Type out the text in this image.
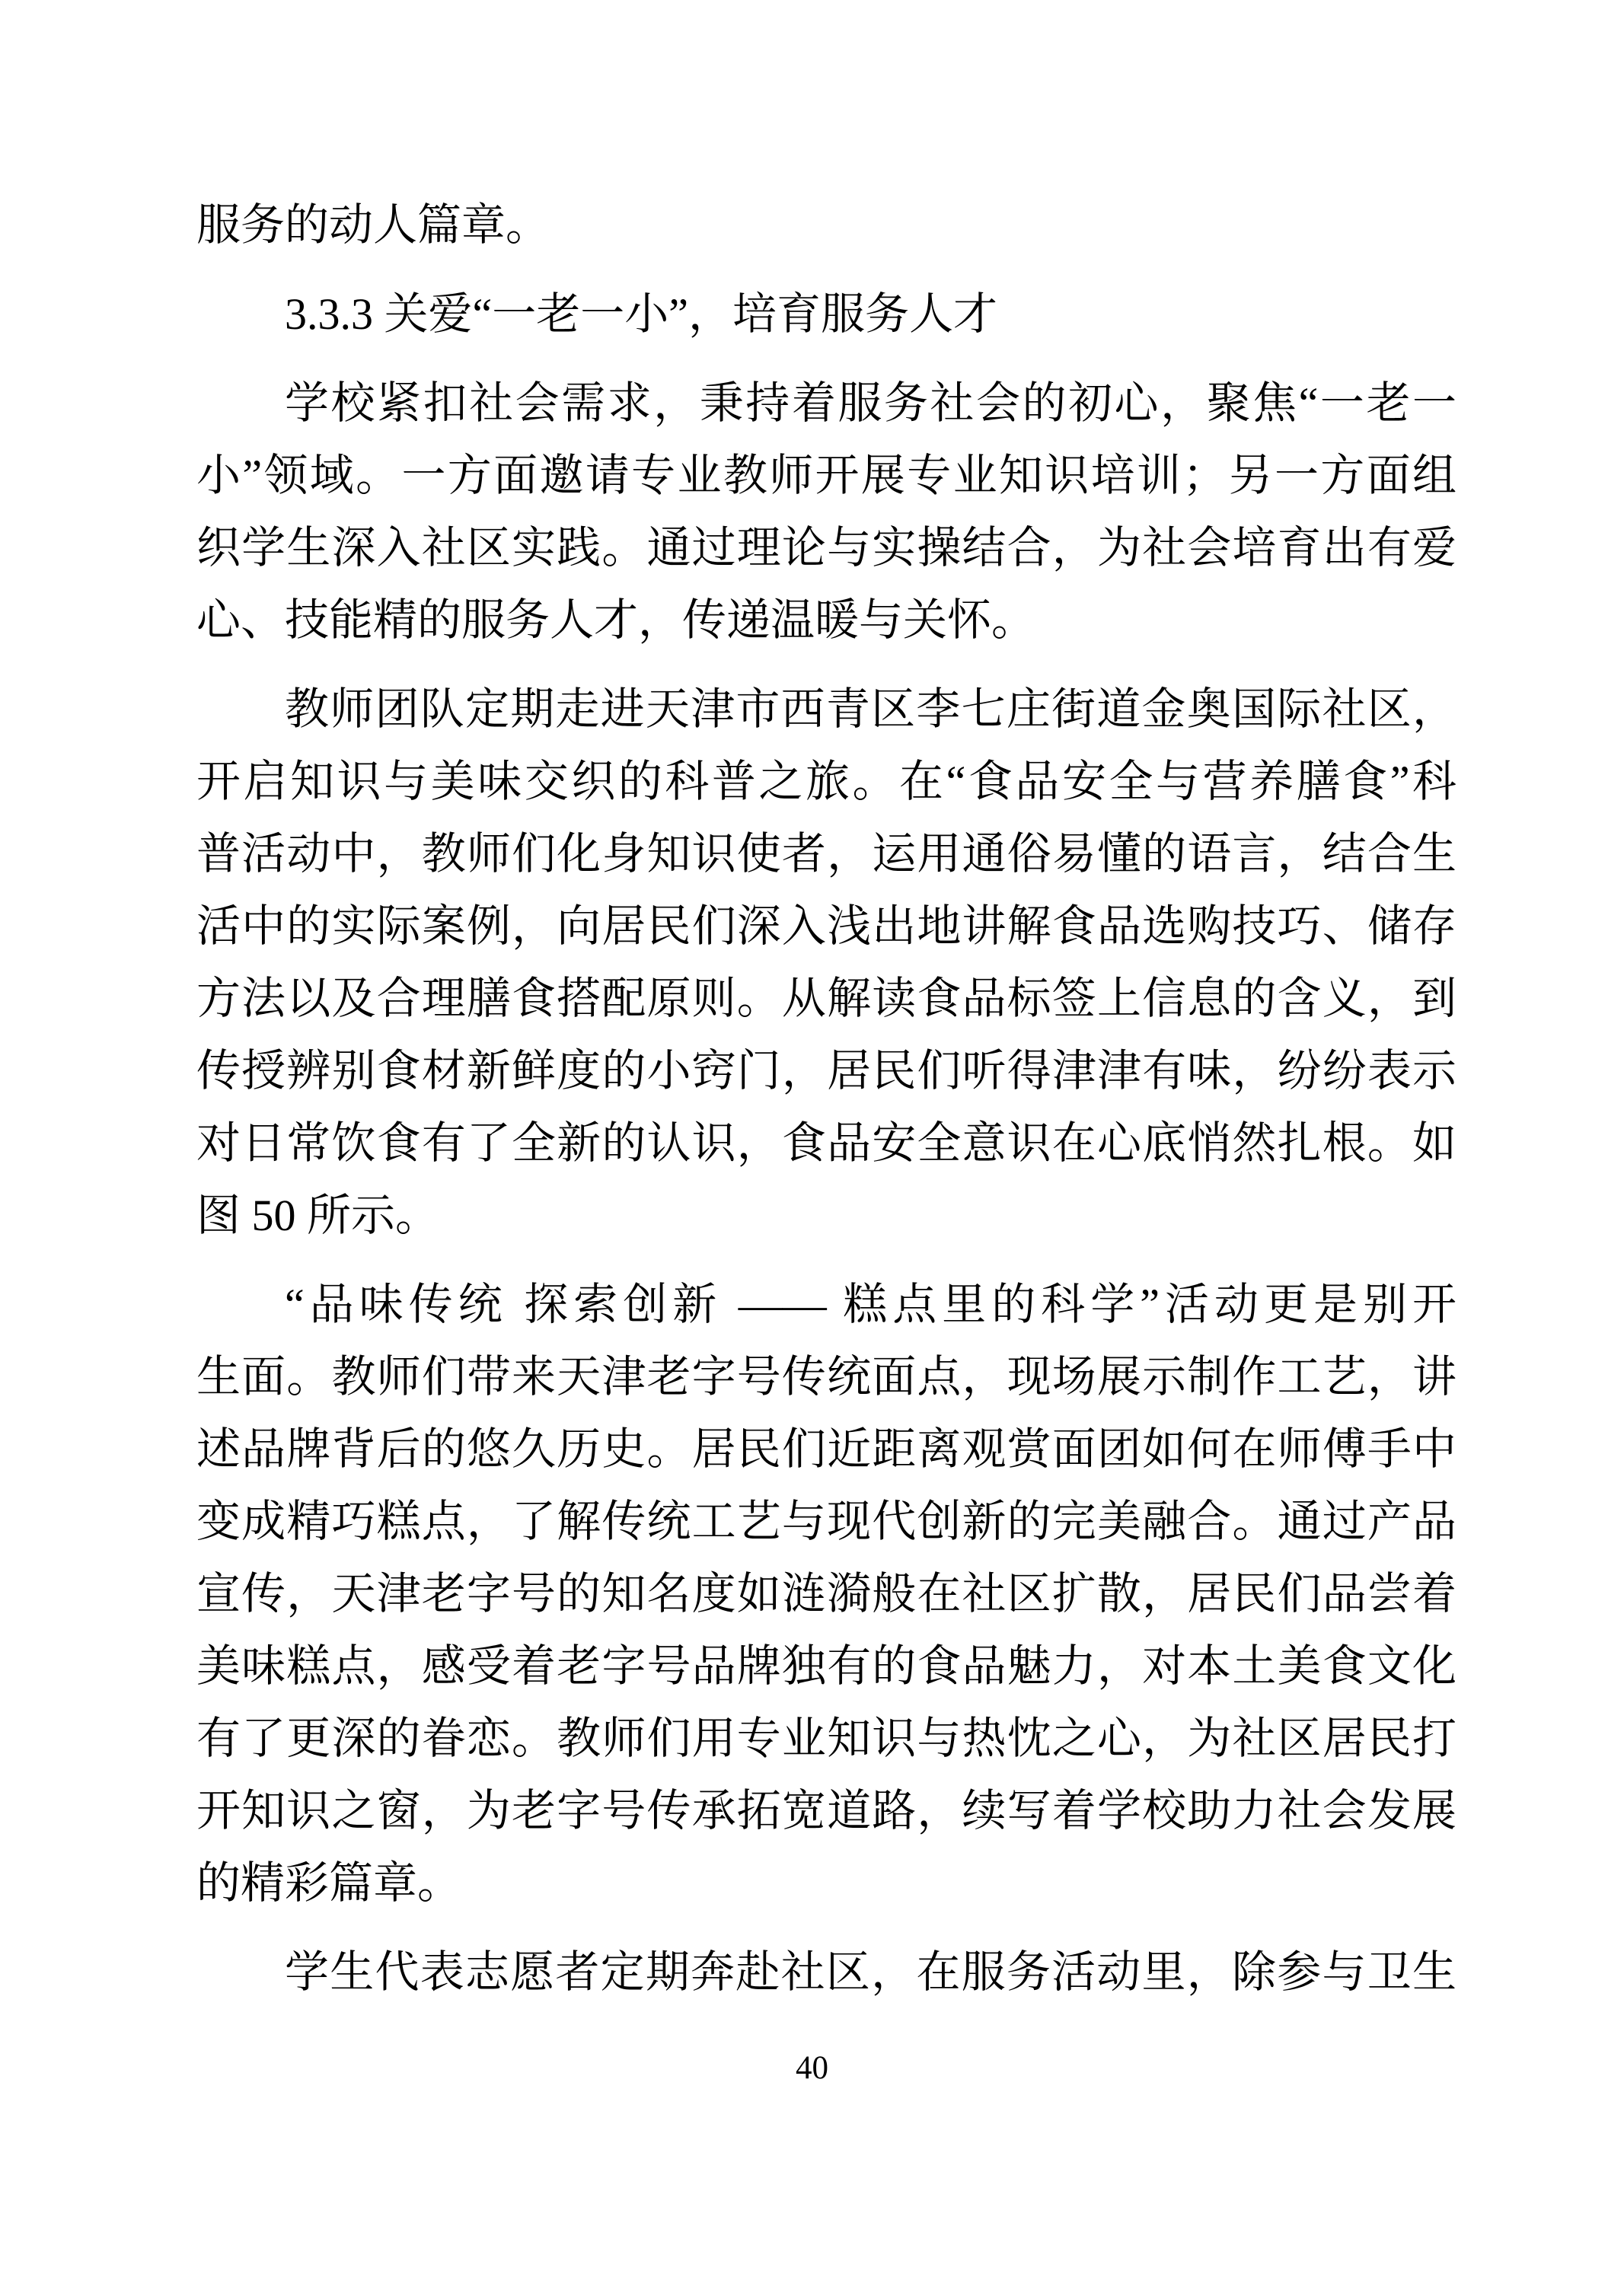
服务的动人篇章。
3.3.3 关爱“一老一小”，培育服务人才
学校紧扣社会需求，秉持着服务社会的初心，聚焦“一老一
小”领域。一方面邀请专业教师开展专业知识培训；另一方面组
织学生深入社区实践。通过理论与实操结合，为社会培育出有爱
心、技能精的服务人才，传递温暖与关怀。
教师团队定期走进天津市西青区李七庄街道金奥国际社区，
开启知识与美味交织的科普之旅。在“食品安全与营养膳食”科
普活动中，教师们化身知识使者，运用通俗易懂的语言，结合生
活中的实际案例，向居民们深入浅出地讲解食品选购技巧、储存
方法以及合理膳食搭配原则。从解读食品标签上信息的含义，到
传授辨别食材新鲜度的小窍门，居民们听得津津有味，纷纷表示
对日常饮食有了全新的认识，食品安全意识在心底悄然扎根。如
图 50 所示。
“品味传统 探索创新 —— 糕点里的科学”活动更是别开
生面。教师们带来天津老字号传统面点，现场展示制作工艺，讲
述品牌背后的悠久历史。居民们近距离观赏面团如何在师傅手中
变成精巧糕点，了解传统工艺与现代创新的完美融合。通过产品
宣传，天津老字号的知名度如涟漪般在社区扩散，居民们品尝着
美味糕点，感受着老字号品牌独有的食品魅力，对本土美食文化
有了更深的眷恋。教师们用专业知识与热忱之心，为社区居民打
开知识之窗，为老字号传承拓宽道路，续写着学校助力社会发展
的精彩篇章。
学生代表志愿者定期奔赴社区，在服务活动里，除参与卫生
40
